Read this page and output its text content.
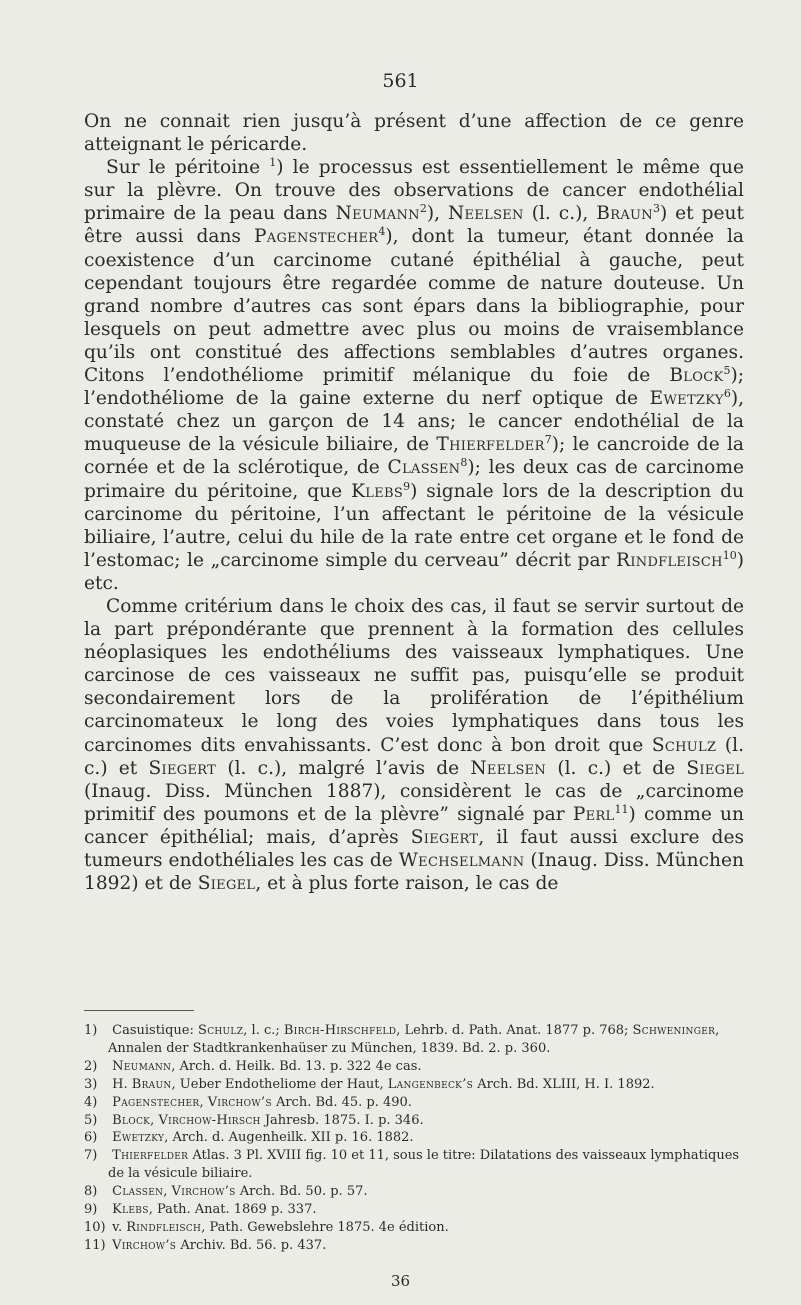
561

On ne connait rien jusqu’à présent d’une affection de ce genre atteignant le péricarde.

Sur le péritoine $^1$) le processus est essentiellement le même que sur la plèvre. On trouve des observations de cancer endothélial primaire de la peau dans Neumann$^2$), Neelsen (l. c.), Braun$^3$) et peut être aussi dans Pagenstecher$^4$), dont la tumeur, étant donnée la coexistence d’un carcinome cutané épithélial à gauche, peut cependant toujours être regardée comme de nature douteuse. Un grand nombre d’autres cas sont épars dans la bibliographie, pour lesquels on peut admettre avec plus ou moins de vraisemblance qu’ils ont constitué des affections semblables d’autres organes. Citons l’endothéliome primitif mélanique du foie de Block$^5$); l’endothéliome de la gaine externe du nerf optique de Ewetzky$^6$), constaté chez un garçon de 14 ans; le cancer endothélial de la muqueuse de la vésicule biliaire, de Thierfelder$^7$); le cancroide de la cornée et de la sclérotique, de Classen$^8$); les deux cas de carcinome primaire du péritoine, que Klebs$^9$) signale lors de la description du carcinome du péritoine, l’un affectant le péritoine de la vésicule biliaire, l’autre, celui du hile de la rate entre cet organe et le fond de l’estomac; le „carcinome simple du cerveau” décrit par Rindfleisch$^{10}$) etc.

Comme critérium dans le choix des cas, il faut se servir surtout de la part prépondérante que prennent à la formation des cellules néoplasiques les endothéliums des vaisseaux lymphatiques. Une carcinose de ces vaisseaux ne suffit pas, puisqu’elle se produit secondairement lors de la prolifération de l’épithélium carcinomateux le long des voies lymphatiques dans tous les carcinomes dits envahissants. C’est donc à bon droit que Schulz (l. c.) et Siegert (l. c.), malgré l’avis de Neelsen (l. c.) et de Siegel (Inaug. Diss. München 1887), considèrent le cas de „carcinome primitif des poumons et de la plèvre” signalé par Perl$^{11}$) comme un cancer épithélial; mais, d’après Siegert, il faut aussi exclure des tumeurs endothéliales les cas de Wechselmann (Inaug. Diss. München 1892) et de Siegel, et à plus forte raison, le cas de

1) Casuistique: Schulz, l. c.; Birch-Hirschfeld, Lehrb. d. Path. Anat. 1877 p. 768; Schweninger, Annalen der Stadtkrankenhaüser zu München, 1839. Bd. 2. p. 360.

2) Neumann, Arch. d. Heilk. Bd. 13. p. 322 4e cas.

3) H. Braun, Ueber Endotheliome der Haut, Langenbeck’s Arch. Bd. XLIII, H. I. 1892.

4) Pagenstecher, Virchow’s Arch. Bd. 45. p. 490.

5) Block, Virchow-Hirsch Jahresb. 1875. I. p. 346.

6) Ewetzky, Arch. d. Augenheilk. XII p. 16. 1882.

7) Thierfelder Atlas. 3 Pl. XVIII fig. 10 et 11, sous le titre: Dilatations des vaisseaux lymphatiques de la vésicule biliaire.

8) Classen, Virchow’s Arch. Bd. 50. p. 57.

9) Klebs, Path. Anat. 1869 p. 337.

10) v. Rindfleisch, Path. Gewebslehre 1875. 4e édition.

11) Virchow’s Archiv. Bd. 56. p. 437.

36
